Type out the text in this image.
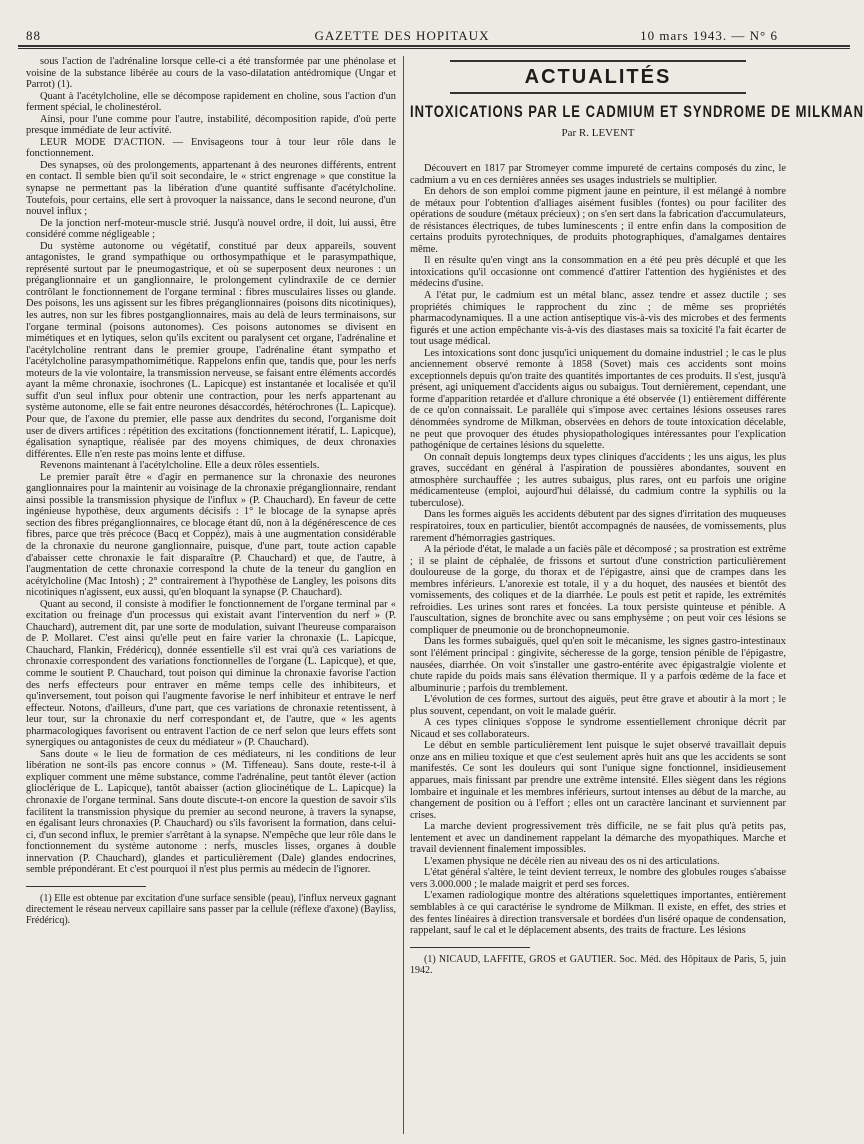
88	GAZETTE DES HOPITAUX	10 mars 1943. — N° 6

sous l'action de l'adrénaline lorsque celle-ci a été transformée par une phénolase et voisine de la substance libérée au cours de la vaso-dilatation antédromique (Ungar et Parrot) (1).

Quant à l'acétylcholine, elle se décompose rapidement en choline, sous l'action d'un ferment spécial, le cholinestérol.

Ainsi, pour l'une comme pour l'autre, instabilité, décomposition rapide, d'où perte presque immédiate de leur activité.

LEUR MODE D'ACTION. — Envisageons tour à tour leur rôle dans le fonctionnement.

Des synapses, où des prolongements, appartenant à des neurones différents, entrent en contact. Il semble bien qu'il soit secondaire, le « strict engrenage » que constitue la synapse ne permettant pas la libération d'une quantité suffisante d'acétylcholine. Toutefois, pour certains, elle sert à provoquer la naissance, dans le second neurone, d'un nouvel influx ;

De la jonction nerf-moteur-muscle strié. Jusqu'à nouvel ordre, il doit, lui aussi, être considéré comme négligeable ;

Du système autonome ou végétatif, constitué par deux appareils, souvent antagonistes, le grand sympathique ou orthosympathique et le parasympathique, représenté surtout par le pneumogastrique, et où se superposent deux neurones : un préganglionnaire et un ganglionnaire, le prolongement cylindraxile de ce dernier contrôlant le fonctionnement de l'organe terminal : fibres musculaires lisses ou glande. Des poisons, les uns agissent sur les fibres préganglionnaires (poisons dits nicotiniques), les autres, non sur les fibres postganglionnaires, mais au delà de leurs terminaisons, sur l'organe terminal (poisons autonomes). Ces poisons autonomes se divisent en mimétiques et en lytiques, selon qu'ils excitent ou paralysent cet organe, l'adrénaline et l'acétylcholine rentrant dans le premier groupe, l'adrénaline étant sympatho et l'acétylcholine parasympathomimétique. Rappelons enfin que, tandis que, pour les nerfs moteurs de la vie volontaire, la transmission nerveuse, se faisant entre éléments accordés ayant la même chronaxie, isochrones (L. Lapicque) est instantanée et localisée et qu'il suffit d'un seul influx pour obtenir une contraction, pour les nerfs appartenant au système autonome, elle se fait entre neurones désaccordés, hétérochrones (L. Lapicque). Pour que, de l'axone du premier, elle passe aux dendrites du second, l'organisme doit user de divers artifices : répétition des excitations (fonctionnement itératif, L. Lapicque), égalisation synaptique, réalisée par des moyens chimiques, de deux chronaxies différentes. Elle n'en reste pas moins lente et diffuse.

Revenons maintenant à l'acétylcholine. Elle a deux rôles essentiels.

Le premier paraît être « d'agir en permanence sur la chronaxie des neurones ganglionnaires pour la maintenir au voisinage de la chronaxie préganglionnaire, rendant ainsi possible la transmission physique de l'influx » (P. Chauchard). En faveur de cette ingénieuse hypothèse, deux arguments décisifs : 1° le blocage de la synapse après section des fibres préganglionnaires, ce blocage étant dû, non à la dégénérescence de ces fibres, parce que très précoce (Bacq et Coppéz), mais à une augmentation considérable de la chronaxie du neurone ganglionnaire, puisque, d'une part, toute action capable d'abaisser cette chronaxie le fait disparaître (P. Chauchard) et que, de l'autre, à l'augmentation de cette chronaxie correspond la chute de la teneur du ganglion en acétylcholine (Mac Intosh) ; 2° contrairement à l'hypothèse de Langley, les poisons dits nicotiniques n'agissent, eux aussi, qu'en bloquant la synapse (P. Chauchard).

Quant au second, il consiste à modifier le fonctionnement de l'organe terminal par « excitation ou freinage d'un processus qui existait avant l'intervention du nerf » (P. Chauchard), autrement dit, par une sorte de modulation, suivant l'heureuse comparaison de P. Mollaret. C'est ainsi qu'elle peut en faire varier la chronaxie (L. Lapicque, Chauchard, Flankin, Frédéricq), donnée essentielle s'il est vrai qu'à ces variations de chronaxie correspondent des variations fonctionnelles de l'organe (L. Lapicque), et que, comme le soutient P. Chauchard, tout poison qui diminue la chronaxie favorise l'action des nerfs effecteurs pour entraver en même temps celle des inhibiteurs, et qu'inversement, tout poison qui l'augmente favorise le nerf inhibiteur et entrave le nerf effecteur. Notons, d'ailleurs, d'une part, que ces variations de chronaxie retentissent, à leur tour, sur la chronaxie du nerf correspondant et, de l'autre, que « les agents pharmacologiques favorisent ou entravent l'action de ce nerf selon que leurs effets sont synergiques ou antagonistes de ceux du médiateur » (P. Chauchard).

Sans doute « le lieu de formation de ces médiateurs, ni les conditions de leur libération ne sont-ils pas encore connus » (M. Tiffeneau). Sans doute, reste-t-il à expliquer comment une même substance, comme l'adrénaline, peut tantôt élever (action glioclérique de L. Lapicque), tantôt abaisser (action gliocinétique de L. Lapicque) la chronaxie de l'organe terminal. Sans doute discute-t-on encore la question de savoir s'ils facilitent la transmission physique du premier au second neurone, à travers la synapse, en égalisant leurs chronaxies (P. Chauchard) ou s'ils favorisent la formation, dans celui-ci, d'un second influx, le premier s'arrêtant à la synapse. N'empêche que leur rôle dans le fonctionnement du système autonome : nerfs, muscles lisses, organes à double innervation (P. Chauchard), glandes et particulièrement (Dale) glandes endocrines, semble prépondérant. Et c'est pourquoi il n'est plus permis au médecin de l'ignorer.

(1) Elle est obtenue par excitation d'une surface sensible (peau), l'influx nerveux gagnant directement le réseau nerveux capillaire sans passer par la cellule (réflexe d'axone) (Bayliss, Frédéricq).

ACTUALITÉS
INTOXICATIONS PAR LE CADMIUM ET SYNDROME DE MILKMAN
Par R. LEVENT

Découvert en 1817 par Stromeyer comme impureté de certains composés du zinc, le cadmium a vu en ces dernières années ses usages industriels se multiplier.

En dehors de son emploi comme pigment jaune en peinture, il est mélangé à nombre de métaux pour l'obtention d'alliages aisément fusibles (fontes) ou pour faciliter des opérations de soudure (métaux précieux) ; on s'en sert dans la fabrication d'accumulateurs, de résistances électriques, de tubes luminescents ; il entre enfin dans la composition de certains produits pyrotechniques, de produits photographiques, d'amalgames dentaires même.

Il en résulte qu'en vingt ans la consommation en a été peu près décuplé et que les intoxications qu'il occasionne ont commencé d'attirer l'attention des hygiénistes et des médecins d'usine.

A l'état pur, le cadmium est un métal blanc, assez tendre et assez ductile ; ses propriétés chimiques le rapprochent du zinc ; de même ses propriétés pharmacodynamiques. Il a une action antiseptique vis-à-vis des microbes et des ferments figurés et une action empêchante vis-à-vis des diastases mais sa toxicité l'a fait écarter de tout usage médical.

Les intoxications sont donc jusqu'ici uniquement du domaine industriel ; le cas le plus anciennement observé remonte à 1858 (Sovet) mais ces accidents sont moins exceptionnels depuis qu'on traite des quantités importantes de ces produits. Il s'est, jusqu'à présent, agi uniquement d'accidents aigus ou subaigus. Tout dernièrement, cependant, une forme d'apparition retardée et d'allure chronique a été observée (1) entièrement différente de ce qu'on connaissait. Le parallèle qui s'impose avec certaines lésions osseuses rares dénommées syndrome de Milkman, observées en dehors de toute intoxication décelable, ne peut que provoquer des études physiopathologiques intéressantes pour l'explication pathogénique de certaines lésions du squelette.

On connaît depuis longtemps deux types cliniques d'accidents ; les uns aigus, les plus graves, succédant en général à l'aspiration de poussières abondantes, souvent en atmosphère surchauffée ; les autres subaigus, plus rares, ont eu parfois une origine médicamenteuse (emploi, aujourd'hui délaissé, du cadmium contre la syphilis ou la tuberculose).

Dans les formes aiguës les accidents débutent par des signes d'irritation des muqueuses respiratoires, toux en particulier, bientôt accompagnés de nausées, de vomissements, plus rarement d'hémorragies gastriques.

A la période d'état, le malade a un faciès pâle et décomposé ; sa prostration est extrême ; il se plaint de céphalée, de frissons et surtout d'une constriction particulièrement douloureuse de la gorge, du thorax et de l'épigastre, ainsi que de crampes dans les membres inférieurs. L'anorexie est totale, il y a du hoquet, des nausées et bientôt des vomissements, des coliques et de la diarrhée. Le pouls est petit et rapide, les extrémités refroidies. Les urines sont rares et foncées. La toux persiste quinteuse et pénible. A l'auscultation, signes de bronchite avec ou sans emphysème ; on peut voir ces lésions se compliquer de pneumonie ou de bronchopneumonie.

Dans les formes subaiguës, quel qu'en soit le mécanisme, les signes gastro-intestinaux sont l'élément principal : gingivite, sécheresse de la gorge, tension pénible de l'épigastre, nausées, diarrhée. On voit s'installer une gastro-entérite avec épigastralgie violente et chute rapide du poids mais sans élévation thermique. Il y a parfois œdème de la face et albuminurie ; parfois du tremblement.

L'évolution de ces formes, surtout des aiguës, peut être grave et aboutir à la mort ; le plus souvent, cependant, on voit le malade guérir.

A ces types cliniques s'oppose le syndrome essentiellement chronique décrit par Nicaud et ses collaborateurs.

Le début en semble particulièrement lent puisque le sujet observé travaillait depuis onze ans en milieu toxique et que c'est seulement après huit ans que les accidents se sont manifestés. Ce sont les douleurs qui sont l'unique signe fonctionnel, insidieusement apparues, mais finissant par prendre une extrême intensité. Elles siègent dans les régions lombaire et inguinale et les membres inférieurs, surtout intenses au début de la marche, au changement de position ou à l'effort ; elles ont un caractère lancinant et surviennent par crises.

La marche devient progressivement très difficile, ne se fait plus qu'à petits pas, lentement et avec un dandinement rappelant la démarche des myopathiques. Marche et travail deviennent finalement impossibles.

L'examen physique ne décèle rien au niveau des os ni des articulations.

L'état général s'altère, le teint devient terreux, le nombre des globules rouges s'abaisse vers 3.000.000 ; le malade maigrit et perd ses forces.

L'examen radiologique montre des altérations squelettiques importantes, entièrement semblables à ce qui caractérise le syndrome de Milkman. Il existe, en effet, des stries et des fentes linéaires à direction transversale et bordées d'un liséré opaque de condensation, rappelant, sauf le cal et le déplacement absents, des traits de fracture. Les lésions

(1) NICAUD, LAFFITE, GROS et GAUTIER. Soc. Méd. des Hôpitaux de Paris, 5, juin 1942.
